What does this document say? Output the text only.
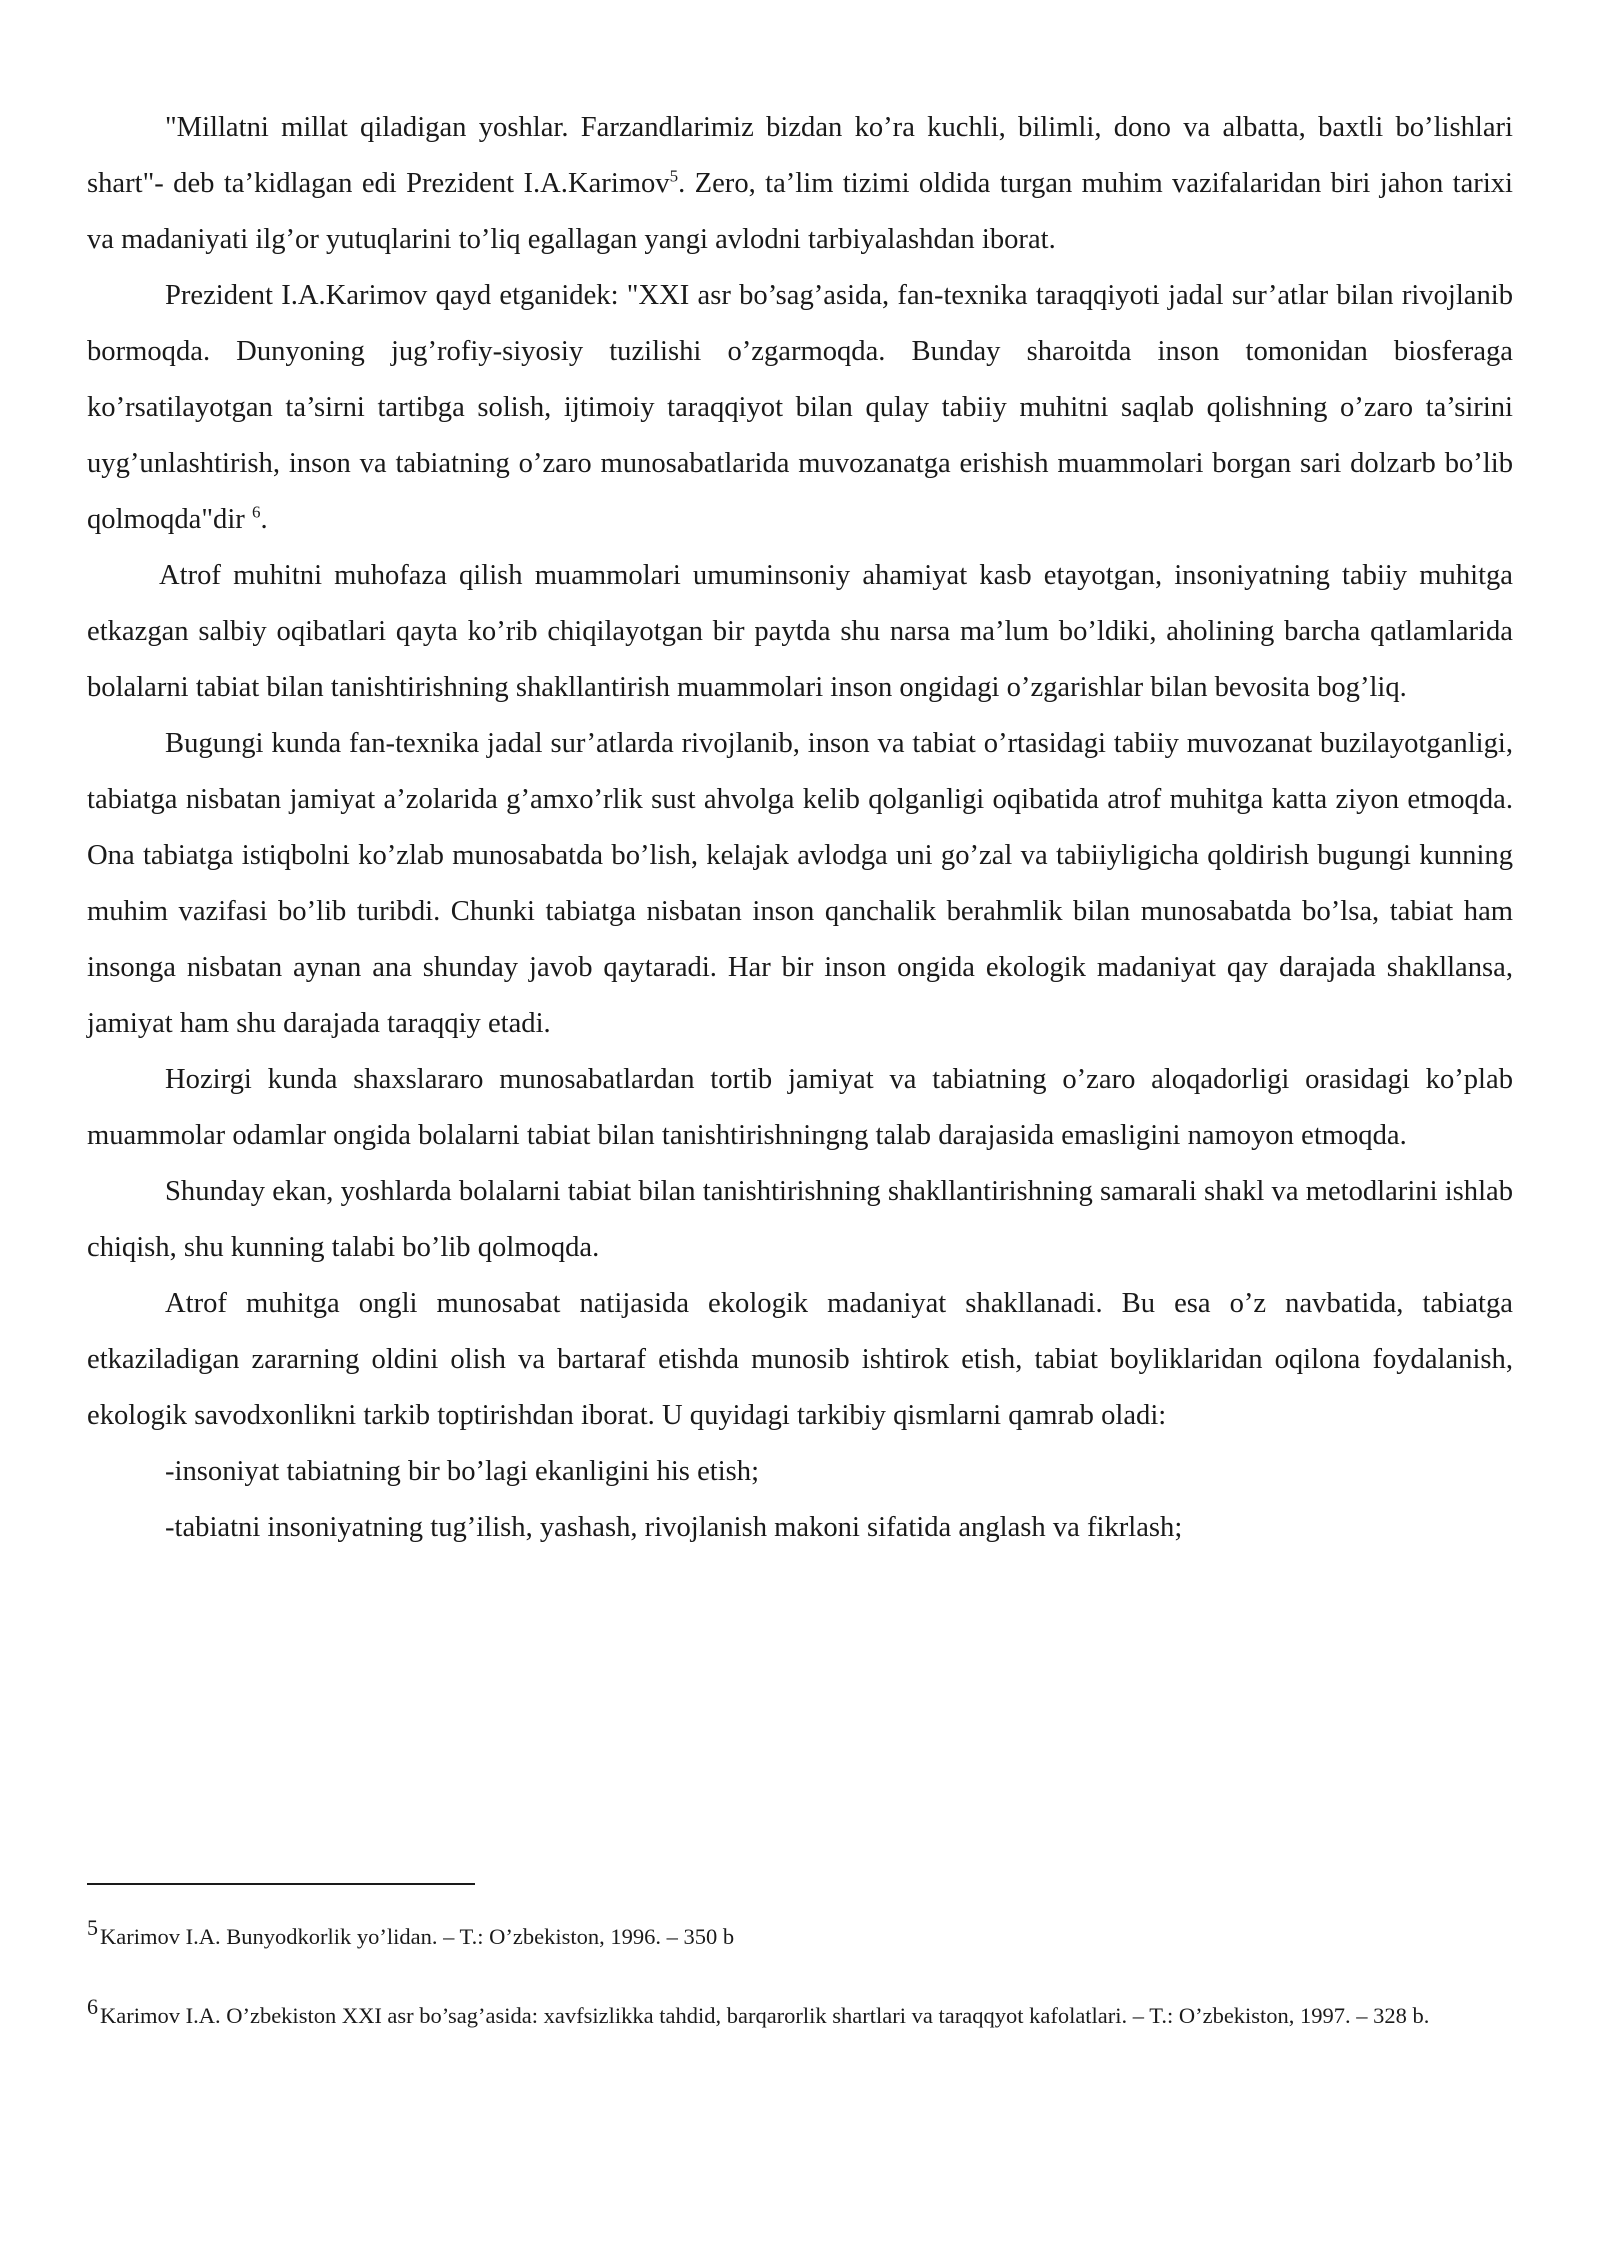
"Millatni millat qiladigan yoshlar. Farzandlarimiz bizdan ko’ra kuchli, bilimli, dono va albatta, baxtli bo’lishlari shart"- deb ta’kidlagan edi Prezident I.A.Karimov$^5$. Zero, ta’lim tizimi oldida turgan muhim vazifalaridan biri jahon tarixi va madaniyati ilg’or yutuqlarini to’liq egallagan yangi avlodni tarbiyalashdan iborat.

Prezident I.A.Karimov qayd etganidek: "XXI asr bo’sag’asida, fan-texnika taraqqiyoti jadal sur’atlar bilan rivojlanib bormoqda. Dunyoning jug’rofiy-siyosiy tuzilishi o’zgarmoqda. Bunday sharoitda inson tomonidan biosferaga ko’rsatilayotgan ta’sirni tartibga solish, ijtimoiy taraqqiyot bilan qulay tabiiy muhitni saqlab qolishning o’zaro ta’sirini uyg’unlashtirish, inson va tabiatning o’zaro munosabatlarida muvozanatga erishish muammolari borgan sari dolzarb bo’lib qolmoqda"dir $^6$.

Atrof muhitni muhofaza qilish muammolari umuminsoniy ahamiyat kasb etayotgan, insoniyatning tabiiy muhitga etkazgan salbiy oqibatlari qayta ko’rib chiqilayotgan bir paytda shu narsa ma’lum bo’ldiki, aholining barcha qatlamlarida bolalarni tabiat bilan tanishtirishning shakllantirish muammolari inson ongidagi o’zgarishlar bilan bevosita bog’liq.

Bugungi kunda fan-texnika jadal sur’atlarda rivojlanib, inson va tabiat o’rtasidagi tabiiy muvozanat buzilayotganligi, tabiatga nisbatan jamiyat a’zolarida g’amxo’rlik sust ahvolga kelib qolganligi oqibatida atrof muhitga katta ziyon etmoqda. Ona tabiatga istiqbolni ko’zlab munosabatda bo’lish, kelajak avlodga uni go’zal va tabiiyligicha qoldirish bugungi kunning muhim vazifasi bo’lib turibdi. Chunki tabiatga nisbatan inson qanchalik berahmlik bilan munosabatda bo’lsa, tabiat ham insonga nisbatan aynan ana shunday javob qaytaradi. Har bir inson ongida ekologik madaniyat qay darajada shakllansa, jamiyat ham shu darajada taraqqiy etadi.

Hozirgi kunda shaxslararo munosabatlardan tortib jamiyat va tabiatning o’zaro aloqadorligi orasidagi ko’plab muammolar odamlar ongida bolalarni tabiat bilan tanishtirishningng talab darajasida emasligini namoyon etmoqda.

Shunday ekan, yoshlarda bolalarni tabiat bilan tanishtirishning shakllantirishning samarali shakl va metodlarini ishlab chiqish, shu kunning talabi bo’lib qolmoqda.

Atrof muhitga ongli munosabat natijasida ekologik madaniyat shakllanadi. Bu esa o’z navbatida, tabiatga etkaziladigan zararning oldini olish va bartaraf etishda munosib ishtirok etish, tabiat boyliklaridan oqilona foydalanish, ekologik savodxonlikni tarkib toptirishdan iborat. U quyidagi tarkibiy qismlarni qamrab oladi:

-insoniyat tabiatning bir bo’lagi ekanligini his etish;

-tabiatni insoniyatning tug’ilish, yashash, rivojlanish makoni sifatida anglash va fikrlash;

5Karimov I.A. Bunyodkorlik yo’lidan. – T.: O’zbekiston, 1996. – 350 b

6Karimov I.A. O’zbekiston XXI asr bo’sag’asida: xavfsizlikka tahdid, barqarorlik shartlari va taraqqyot kafolatlari. – T.: O’zbekiston, 1997. – 328 b.
